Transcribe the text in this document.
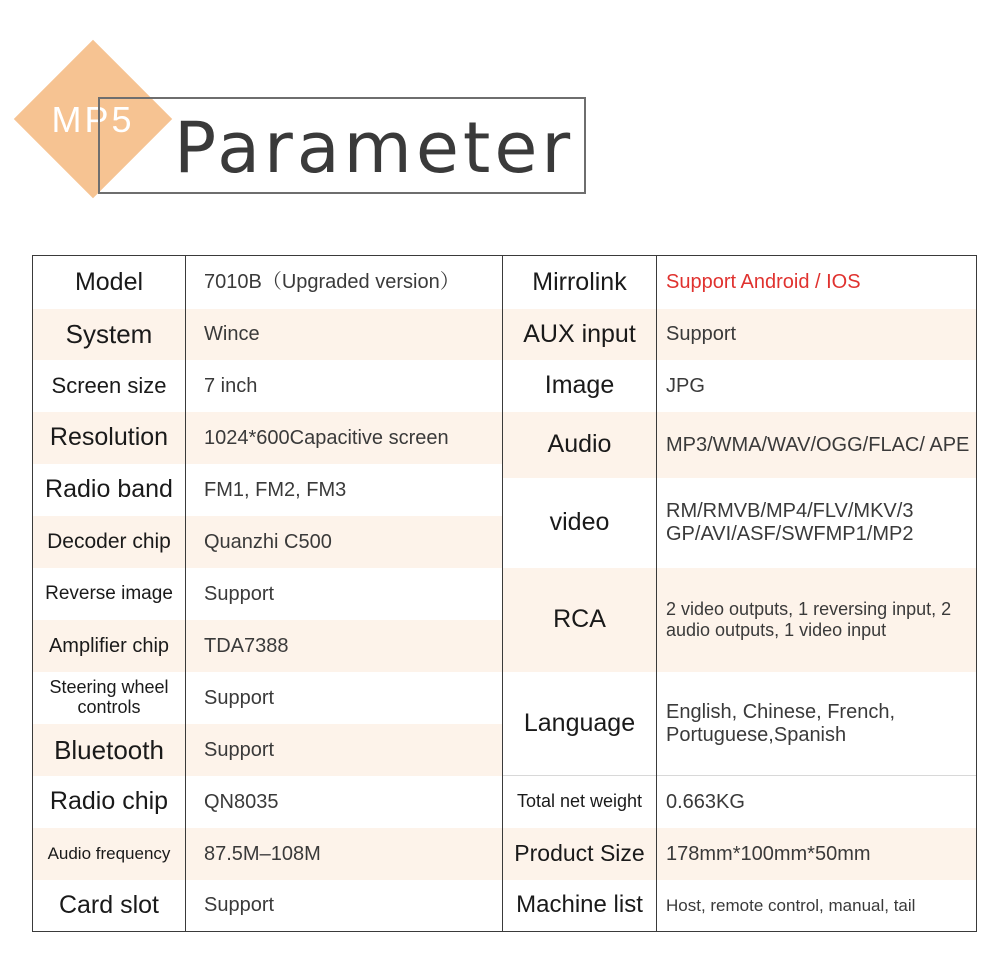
MP5 Parameter
Model	7010B（Upgraded version）
System	Wince
Screen size	7 inch
Resolution	1024*600Capacitive screen
Radio band	FM1, FM2, FM3
Decoder chip	Quanzhi C500
Reverse image	Support
Amplifier chip	TDA7388
Steering wheel controls	Support
Bluetooth	Support
Radio chip	QN8035
Audio frequency	87.5M–108M
Card slot	Support
Mirrolink	Support Android / IOS
AUX input	Support
Image	JPG
Audio	MP3/WMA/WAV/OGG/FLAC/ APE
video	RM/RMVB/MP4/FLV/MKV/3 GP/AVI/ASF/SWFMP1/MP2
RCA	2 video outputs, 1 reversing input, 2 audio outputs, 1 video input
Language	English, Chinese, French, Portuguese,Spanish
Total net weight	0.663KG
Product Size	178mm*100mm*50mm
Machine list	Host, remote control, manual, tail
